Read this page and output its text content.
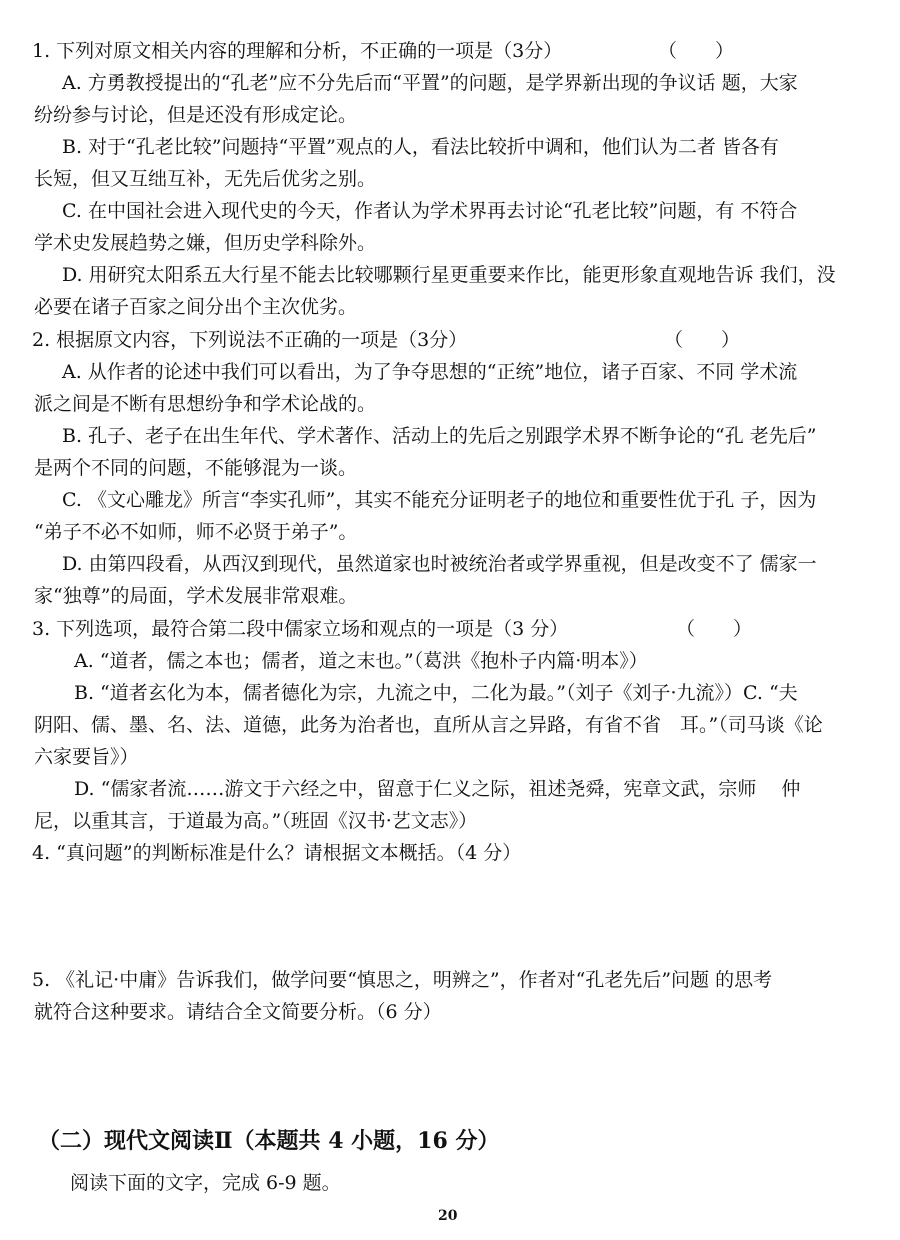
1. 下列对原文相关内容的理解和分析，不正确的一项是（3分）	（　　）
A. 方勇教授提出的“孔老”应不分先后而“平置”的问题，是学界新出现的争议话 题，大家
纷纷参与讨论，但是还没有形成定论。
B. 对于“孔老比较”问题持“平置”观点的人，看法比较折中调和，他们认为二者 皆各有
长短，但又互绌互补，无先后优劣之别。
C. 在中国社会进入现代史的今天，作者认为学术界再去讨论“孔老比较”问题，有 不符合
学术史发展趋势之嫌，但历史学科除外。
D. 用研究太阳系五大行星不能去比较哪颗行星更重要来作比，能更形象直观地告诉 我们，没
必要在诸子百家之间分出个主次优劣。
2. 根据原文内容，下列说法不正确的一项是（3分）	（　　）
A. 从作者的论述中我们可以看出，为了争夺思想的“正统”地位，诸子百家、不同 学术流
派之间是不断有思想纷争和学术论战的。
B. 孔子、老子在出生年代、学术著作、活动上的先后之别跟学术界不断争论的“孔 老先后”
是两个不同的问题，不能够混为一谈。
C. 《文心雕龙》所言“李实孔师”，其实不能充分证明老子的地位和重要性优于孔 子，因为
“弟子不必不如师，师不必贤于弟子”。
D. 由第四段看，从西汉到现代，虽然道家也时被统治者或学界重视，但是改变不了 儒家一
家“独尊”的局面，学术发展非常艰难。
3. 下列选项，最符合第二段中儒家立场和观点的一项是（3 分）	（　　）
A. “道者，儒之本也；儒者，道之末也。”（葛洪《抱朴子内篇·明本》）
B. “道者玄化为本，儒者德化为宗，九流之中，二化为最。”（刘子《刘子·九流》）C. “夫
阴阳、儒、墨、名、法、道德，此务为治者也，直所从言之异路，有省不省　耳。”（司马谈《论
六家要旨》）
D. “儒家者流……游文于六经之中，留意于仁义之际，祖述尧舜，宪章文武，宗师　 仲
尼，以重其言，于道最为高。”（班固《汉书·艺文志》）
4. “真问题”的判断标准是什么？请根据文本概括。（4 分）
5. 《礼记·中庸》告诉我们，做学问要“慎思之，明辨之”，作者对“孔老先后”问题 的思考
就符合这种要求。请结合全文简要分析。（6 分）
（二）现代文阅读Ⅱ（本题共 4 小题，16 分）
阅读下面的文字，完成 6-9 题。
20
